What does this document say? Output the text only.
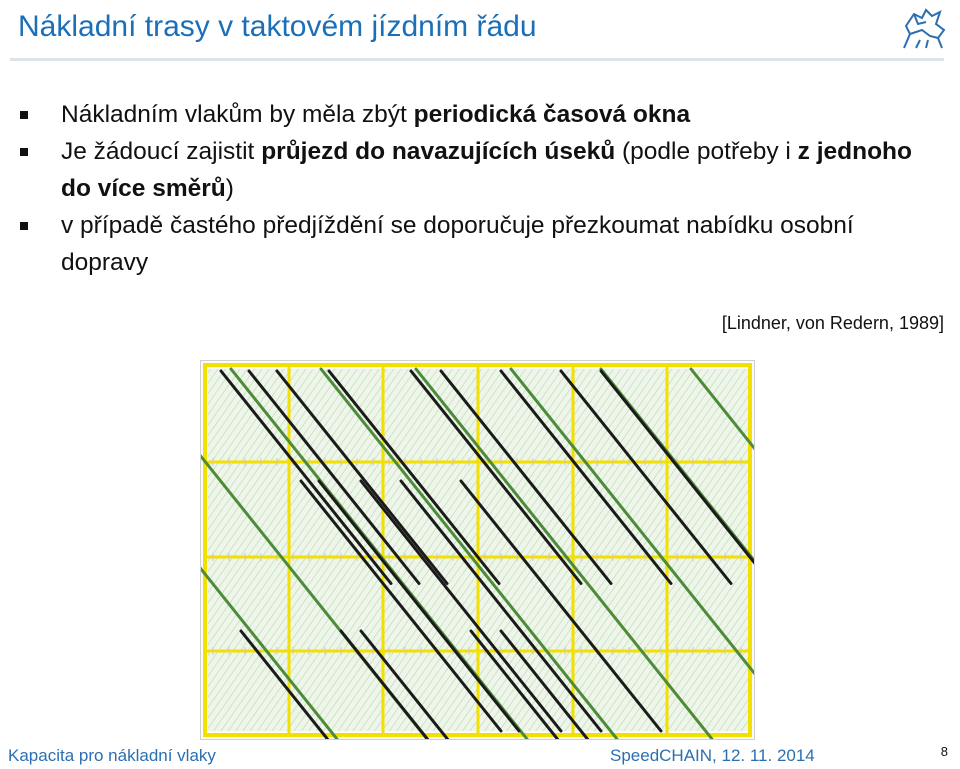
Nákladní trasy v taktovém jízdním řádu
Nákladním vlakům by měla zbýt periodická časová okna
Je žádoucí zajistit průjezd do navazujících úseků (podle potřeby i z jednoho do více směrů)
v případě častého předjíždění se doporučuje přezkoumat nabídku osobní dopravy
[Lindner, von Redern, 1989]
Kapacita pro nákladní vlaky	SpeedCHAIN, 12. 11. 2014	8
